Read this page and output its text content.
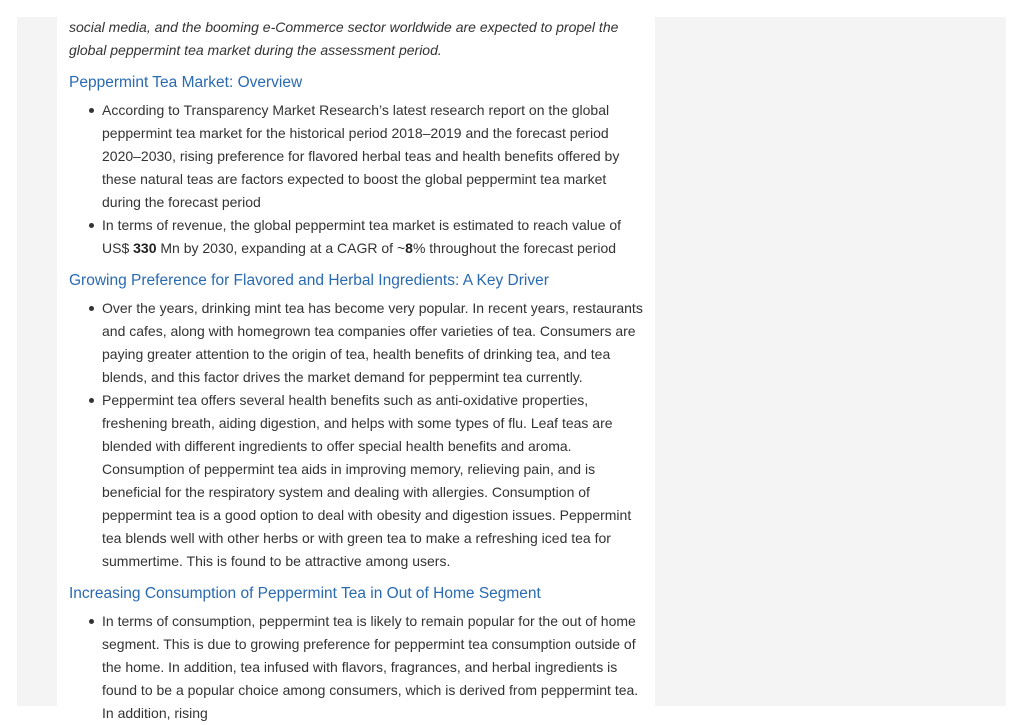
social media, and the booming e-Commerce sector worldwide are expected to propel the global peppermint tea market during the assessment period.

Peppermint Tea Market: Overview
According to Transparency Market Research’s latest research report on the global peppermint tea market for the historical period 2018–2019 and the forecast period 2020–2030, rising preference for flavored herbal teas and health benefits offered by these natural teas are factors expected to boost the global peppermint tea market during the forecast period
In terms of revenue, the global peppermint tea market is estimated to reach value of US$ 330 Mn by 2030, expanding at a CAGR of ~8% throughout the forecast period
Growing Preference for Flavored and Herbal Ingredients: A Key Driver
Over the years, drinking mint tea has become very popular. In recent years, restaurants and cafes, along with homegrown tea companies offer varieties of tea. Consumers are paying greater attention to the origin of tea, health benefits of drinking tea, and tea blends, and this factor drives the market demand for peppermint tea currently.
Peppermint tea offers several health benefits such as anti-oxidative properties, freshening breath, aiding digestion, and helps with some types of flu. Leaf teas are blended with different ingredients to offer special health benefits and aroma. Consumption of peppermint tea aids in improving memory, relieving pain, and is beneficial for the respiratory system and dealing with allergies. Consumption of peppermint tea is a good option to deal with obesity and digestion issues. Peppermint tea blends well with other herbs or with green tea to make a refreshing iced tea for summertime. This is found to be attractive among users.
Increasing Consumption of Peppermint Tea in Out of Home Segment
In terms of consumption, peppermint tea is likely to remain popular for the out of home segment. This is due to growing preference for peppermint tea consumption outside of the home. In addition, tea infused with flavors, fragrances, and herbal ingredients is found to be a popular choice among consumers, which is derived from peppermint tea. In addition, rising
